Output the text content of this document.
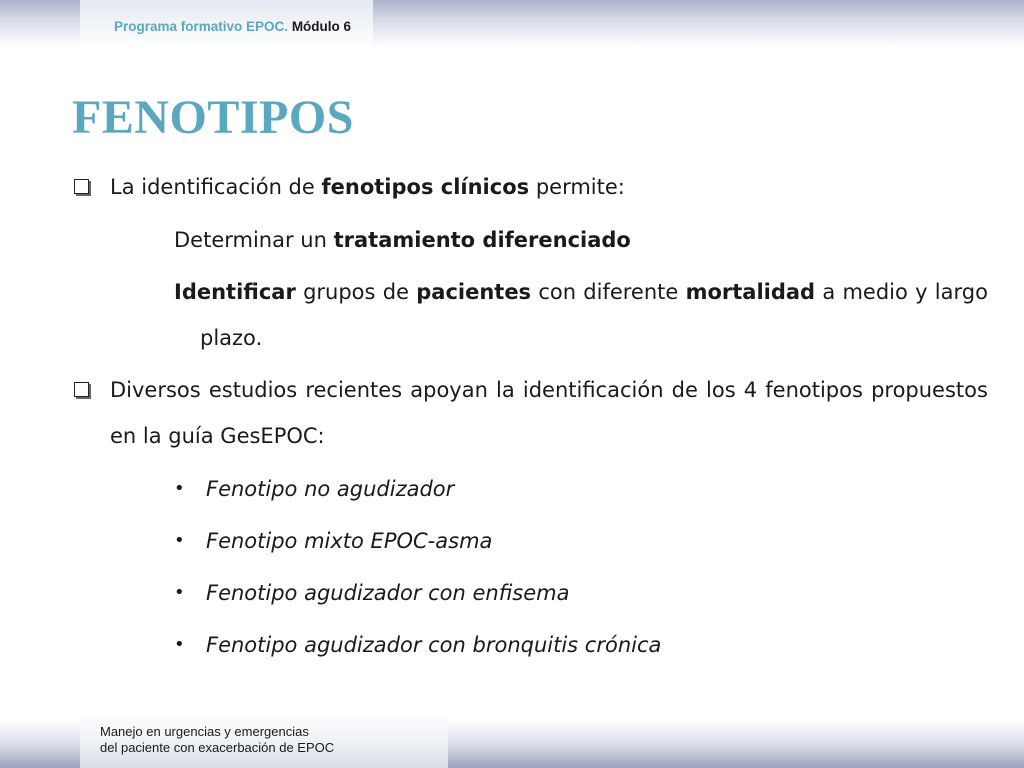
Programa formativo EPOC. Módulo 6
FENOTIPOS
La identificación de fenotipos clínicos permite:
Determinar un tratamiento diferenciado
Identificar grupos de pacientes con diferente mortalidad a medio y largo
plazo.
Diversos estudios recientes apoyan la identificación de los 4 fenotipos propuestos
en la guía GesEPOC:
• Fenotipo no agudizador
• Fenotipo mixto EPOC-asma
• Fenotipo agudizador con enfisema
• Fenotipo agudizador con bronquitis crónica
Manejo en urgencias y emergencias
del paciente con exacerbación de EPOC
